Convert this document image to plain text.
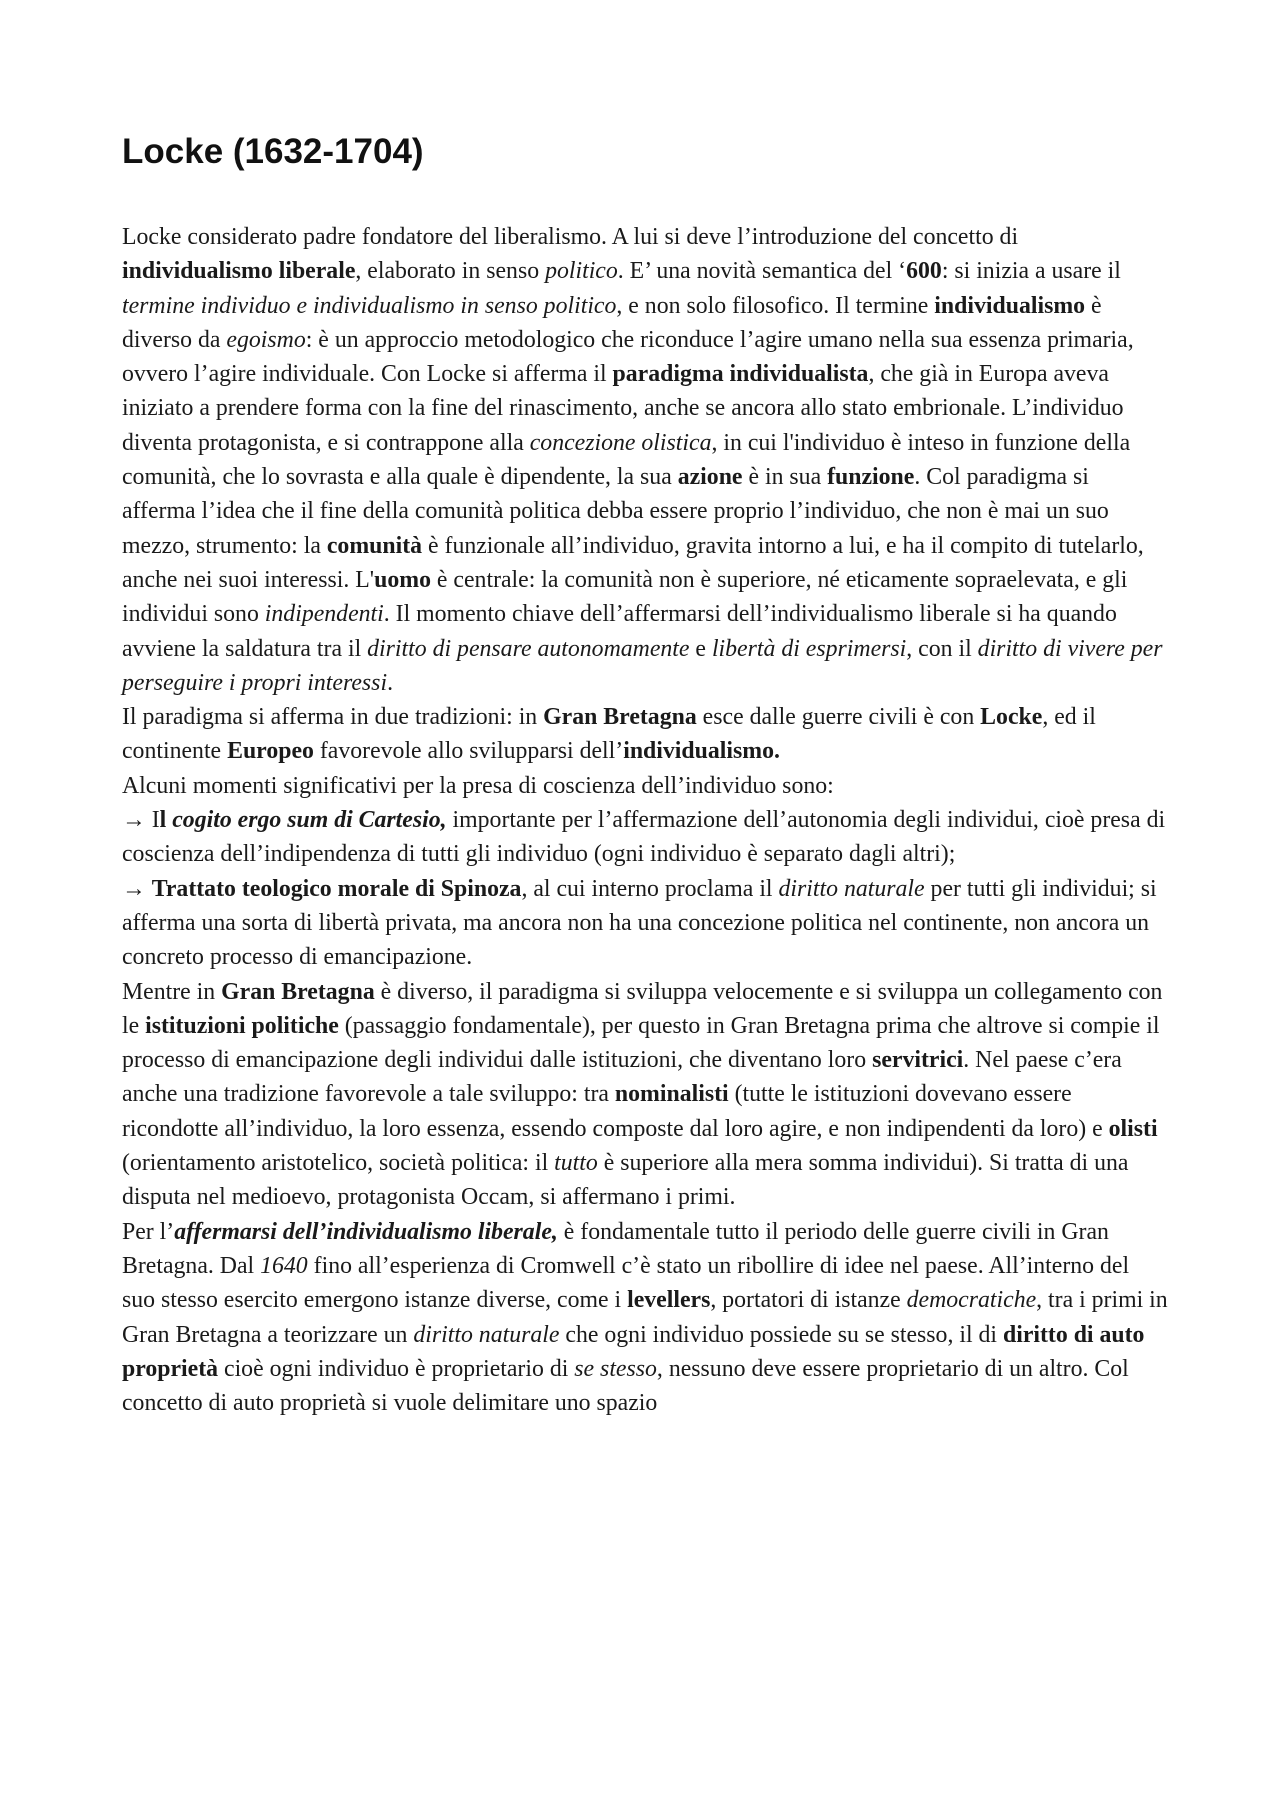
Locke (1632-1704)

Locke considerato padre fondatore del liberalismo. A lui si deve l’introduzione del concetto di individualismo liberale, elaborato in senso politico. E’ una novità semantica del ‘600: si inizia a usare il termine individuo e individualismo in senso politico, e non solo filosofico. Il termine individualismo è diverso da egoismo: è un approccio metodologico che riconduce l’agire umano nella sua essenza primaria, ovvero l’agire individuale. Con Locke si afferma il paradigma individualista, che già in Europa aveva iniziato a prendere forma con la fine del rinascimento, anche se ancora allo stato embrionale. L’individuo diventa protagonista, e si contrappone alla concezione olistica, in cui l'individuo è inteso in funzione della comunità, che lo sovrasta e alla quale è dipendente, la sua azione è in sua funzione. Col paradigma si afferma l’idea che il fine della comunità politica debba essere proprio l’individuo, che non è mai un suo mezzo, strumento: la comunità è funzionale all’individuo, gravita intorno a lui, e ha il compito di tutelarlo, anche nei suoi interessi. L'uomo è centrale: la comunità non è superiore, né eticamente sopraelevata, e gli individui sono indipendenti. Il momento chiave dell’affermarsi dell’individualismo liberale si ha quando avviene la saldatura tra il diritto di pensare autonomamente e libertà di esprimersi, con il diritto di vivere per perseguire i propri interessi.

Il paradigma si afferma in due tradizioni: in Gran Bretagna esce dalle guerre civili è con Locke, ed il continente Europeo favorevole allo svilupparsi dell’individualismo.

Alcuni momenti significativi per la presa di coscienza dell’individuo sono:

→ Il cogito ergo sum di Cartesio, importante per l’affermazione dell’autonomia degli individui, cioè presa di coscienza dell’indipendenza di tutti gli individuo (ogni individuo è separato dagli altri);

→ Trattato teologico morale di Spinoza, al cui interno proclama il diritto naturale per tutti gli individui; si afferma una sorta di libertà privata, ma ancora non ha una concezione politica nel continente, non ancora un concreto processo di emancipazione.

Mentre in Gran Bretagna è diverso, il paradigma si sviluppa velocemente e si sviluppa un collegamento con le istituzioni politiche (passaggio fondamentale), per questo in Gran Bretagna prima che altrove si compie il processo di emancipazione degli individui dalle istituzioni, che diventano loro servitrici. Nel paese c’era anche una tradizione favorevole a tale sviluppo: tra nominalisti (tutte le istituzioni dovevano essere ricondotte all’individuo, la loro essenza, essendo composte dal loro agire, e non indipendenti da loro) e olisti (orientamento aristotelico, società politica: il tutto è superiore alla mera somma individui). Si tratta di una disputa nel medioevo, protagonista Occam, si affermano i primi.

Per l’affermarsi dell’individualismo liberale, è fondamentale tutto il periodo delle guerre civili in Gran Bretagna. Dal 1640 fino all’esperienza di Cromwell c’è stato un ribollire di idee nel paese. All’interno del suo stesso esercito emergono istanze diverse, come i levellers, portatori di istanze democratiche, tra i primi in Gran Bretagna a teorizzare un diritto naturale che ogni individuo possiede su se stesso, il di diritto di auto proprietà cioè ogni individuo è proprietario di se stesso, nessuno deve essere proprietario di un altro. Col concetto di auto proprietà si vuole delimitare uno spazio
